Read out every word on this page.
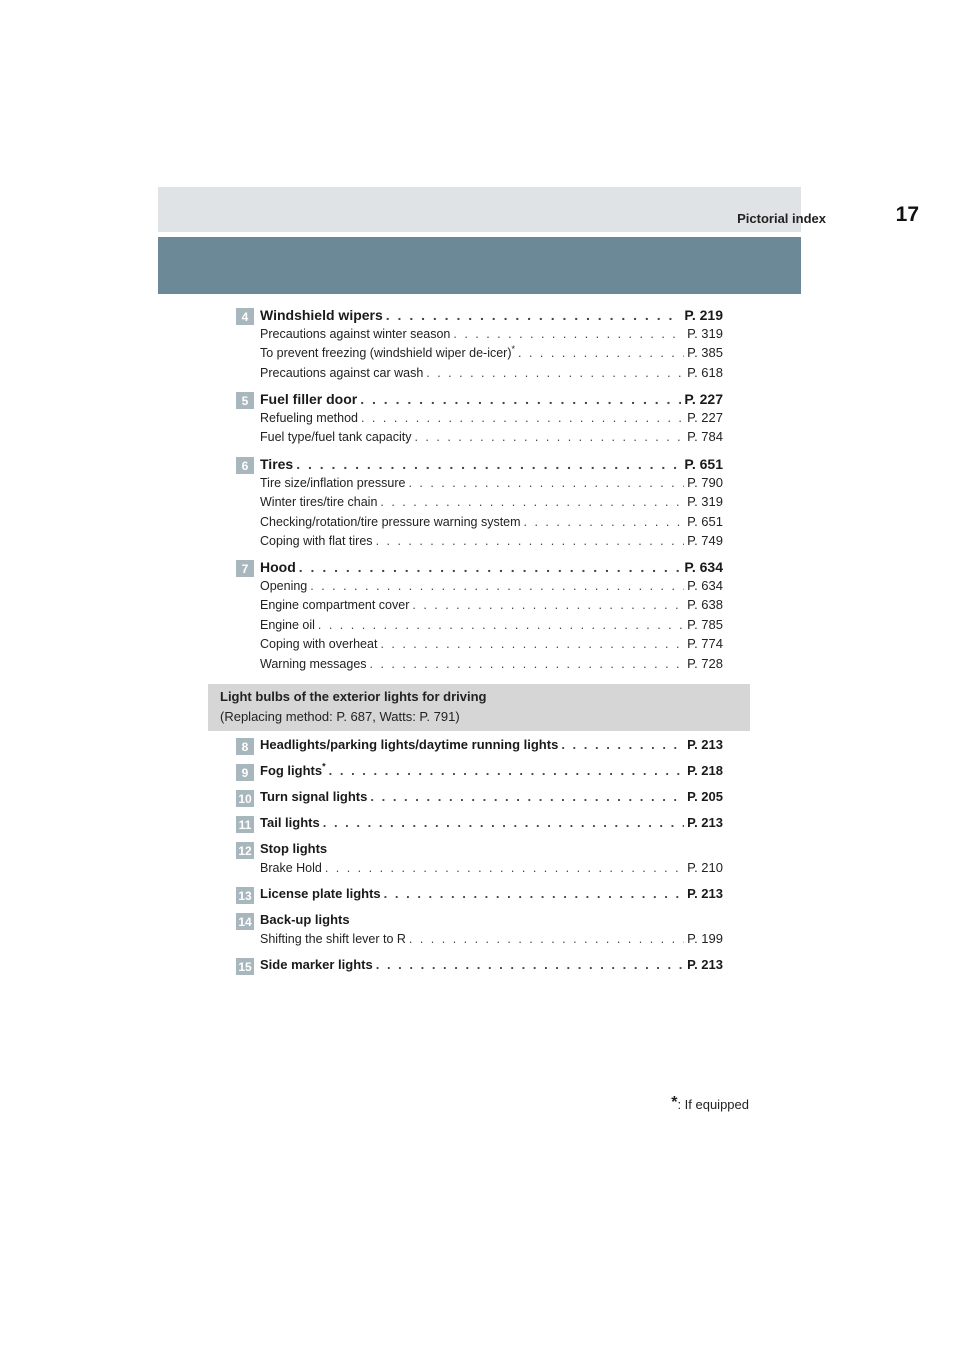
Pictorial index	17
4 Windshield wipers . . .	P. 219
Precautions against winter season . . .	P. 319
To prevent freezing (windshield wiper de-icer)* . . .	P. 385
Precautions against car wash . . .	P. 618
5 Fuel filler door . . .	P. 227
Refueling method . . .	P. 227
Fuel type/fuel tank capacity . . .	P. 784
6 Tires . . .	P. 651
Tire size/inflation pressure . . .	P. 790
Winter tires/tire chain . . .	P. 319
Checking/rotation/tire pressure warning system . . .	P. 651
Coping with flat tires . . .	P. 749
7 Hood . . .	P. 634
Opening . . .	P. 634
Engine compartment cover . . .	P. 638
Engine oil . . .	P. 785
Coping with overheat . . .	P. 774
Warning messages . . .	P. 728
Light bulbs of the exterior lights for driving
(Replacing method: P. 687, Watts: P. 791)
8 Headlights/parking lights/daytime running lights . . .	P. 213
9 Fog lights* . . .	P. 218
10 Turn signal lights . . .	P. 205
11 Tail lights . . .	P. 213
12 Stop lights
Brake Hold . . .	P. 210
13 License plate lights . . .	P. 213
14 Back-up lights
Shifting the shift lever to R . . .	P. 199
15 Side marker lights . . .	P. 213
*: If equipped
